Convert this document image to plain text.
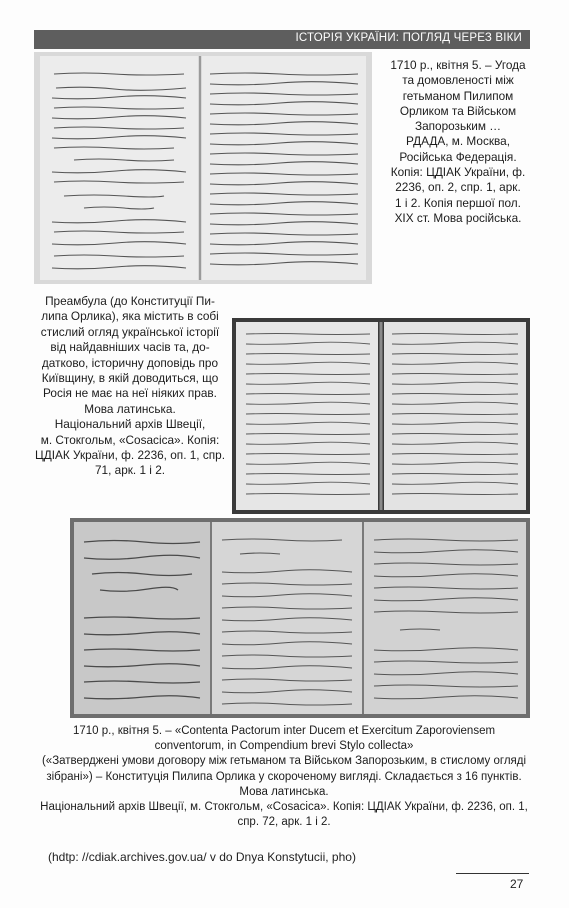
ІСТОРІЯ УКРАЇНИ: ПОГЛЯД ЧЕРЕЗ ВІКИ
1710 р., квітня 5. – Угода
та домовленості між
гетьманом Пилипом
Орликом та Військом
Запорозьким …
РДАДА, м. Москва,
Російська Федерація.
Копія: ЦДІАК України, ф.
2236, оп. 2, спр. 1, арк.
1 і 2. Копія першої пол.
XIX ст. Мова російська.
Преамбула (до Конституції Пи-
липа Орлика), яка містить в собі
стислий огляд української історії
від найдавніших часів та, до-
датково, історичну доповідь про
Київщину, в якій доводиться, що
Росія не має на неї ніяких прав.
Мова латинська.
Національний архів Швеції,
м. Стокгольм, «Cosacica». Копія:
ЦДІАК України, ф. 2236, оп. 1, спр.
71, арк. 1 і 2.
1710 р., квітня 5. – «Contenta Pactorum inter Ducem et Exercitum Zaporoviensem
conventorum, in Compendium brevi Stylo collecta»
(«Затверджені умови договору між гетьманом та Військом Запорозьким, в стислому огляді
зібрані») – Конституція Пилипа Орлика у скороченому вигляді. Складається з 16 пунктів.
Мова латинська.
Національний архів Швеції, м. Стокгольм, «Cosacica». Копія: ЦДІАК України, ф. 2236, оп. 1,
спр. 72, арк. 1 і 2.
(hdtp: //cdiak.archives.gov.ua/ v do Dnya Konstytucii, pho)
27
